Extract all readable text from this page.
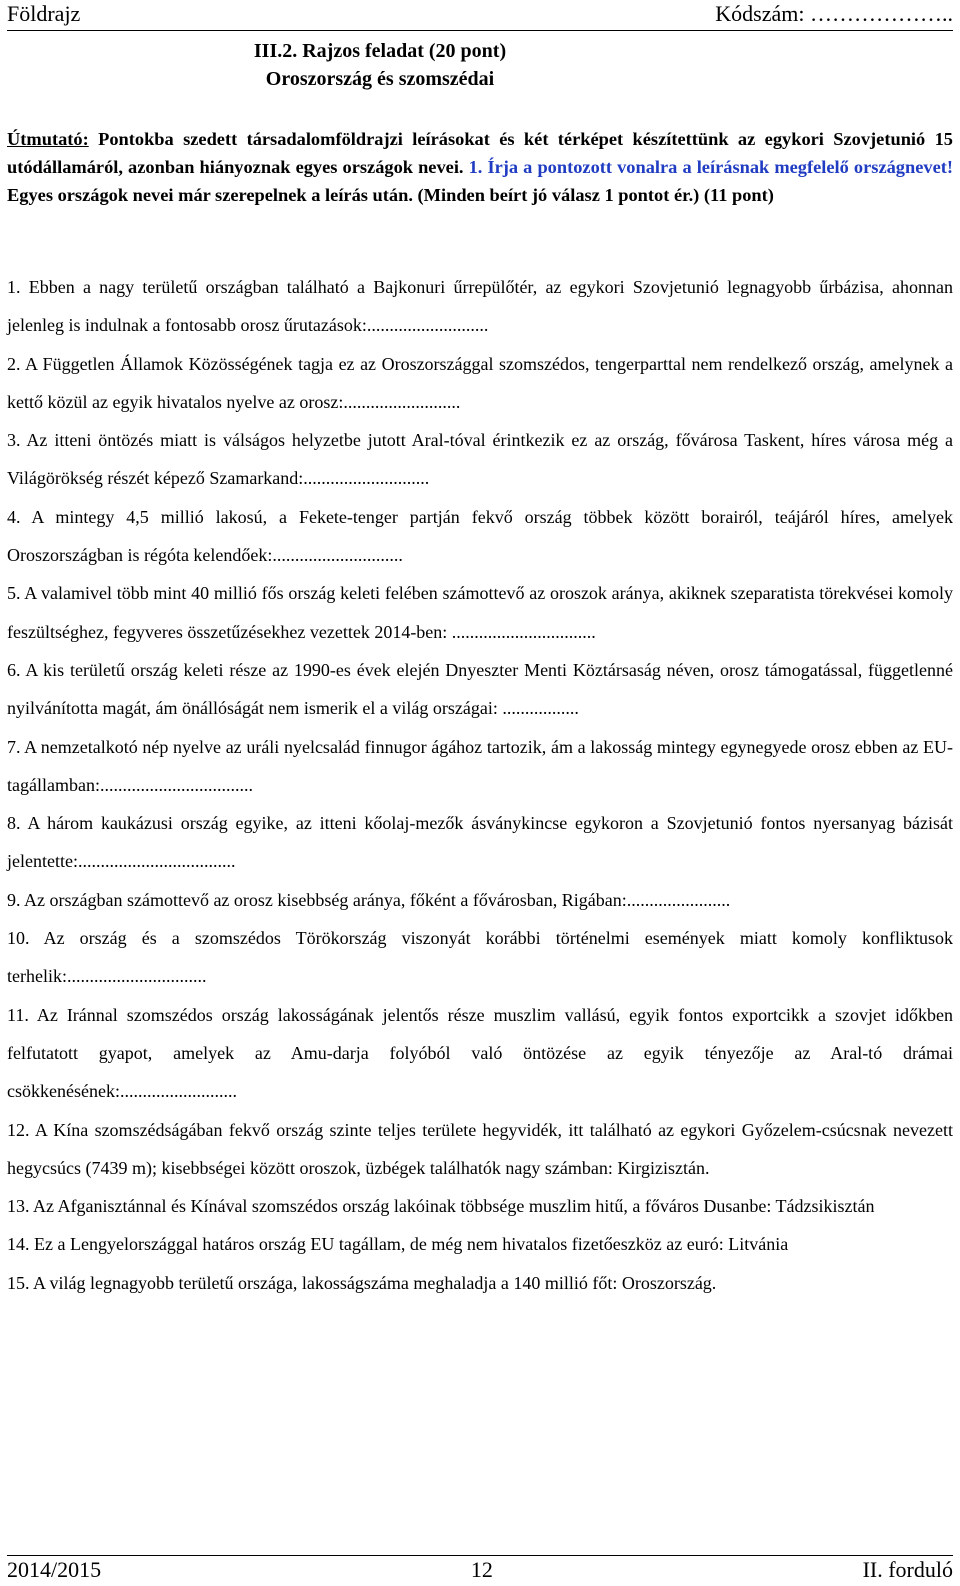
Földrajz	Kódszám: ………………..
III.2. Rajzos feladat (20 pont)
Oroszország és szomszédai
Útmutató: Pontokba szedett társadalomföldrajzi leírásokat és két térképet készítettünk az egykori Szovjetunió 15 utódállamáról, azonban hiányoznak egyes országok nevei. 1. Írja a pontozott vonalra a leírásnak megfelelő országnevet! Egyes országok nevei már szerepelnek a leírás után. (Minden beírt jó válasz 1 pontot ér.) (11 pont)

1. Ebben a nagy területű országban található a Bajkonuri űrrepülőtér, az egykori Szovjetunió legnagyobb űrbázisa, ahonnan jelenleg is indulnak a fontosabb orosz űrutazások:...........................

2. A Független Államok Közösségének tagja ez az Oroszországgal szomszédos, tengerparttal nem rendelkező ország, amelynek a kettő közül az egyik hivatalos nyelve az orosz:..........................

3. Az itteni öntözés miatt is válságos helyzetbe jutott Aral-tóval érintkezik ez az ország, fővárosa Taskent, híres városa még a Világörökség részét képező Szamarkand:............................

4. A mintegy 4,5 millió lakosú, a Fekete-tenger partján fekvő ország többek között borairól, teájáról híres, amelyek Oroszországban is régóta kelendőek:.............................

5. A valamivel több mint 40 millió fős ország keleti felében számottevő az oroszok aránya, akiknek szeparatista törekvései komoly feszültséghez, fegyveres összetűzésekhez vezettek 2014-ben: ................................

6. A kis területű ország keleti része az 1990-es évek elején Dnyeszter Menti Köztársaság néven, orosz támogatással, függetlenné nyilvánította magát, ám önállóságát nem ismerik el a világ országai: .................

7. A nemzetalkotó nép nyelve az uráli nyelcsalád finnugor ágához tartozik, ám a lakosság mintegy egynegyede orosz ebben az EU-tagállamban:..................................

8. A három kaukázusi ország egyike, az itteni kőolaj-mezők ásványkincse egykoron a Szovjetunió fontos nyersanyag bázisát jelentette:...................................

9. Az országban számottevő az orosz kisebbség aránya, főként a fővárosban, Rigában:.......................

10. Az ország és a szomszédos Törökország viszonyát korábbi történelmi események miatt komoly konfliktusok terhelik:...............................

11. Az Iránnal szomszédos ország lakosságának jelentős része muszlim vallású, egyik fontos exportcikk a szovjet időkben felfutatott gyapot, amelyek az Amu-darja folyóból való öntözése az egyik tényezője az Aral-tó drámai csökkenésének:..........................

12. A Kína szomszédságában fekvő ország szinte teljes területe hegyvidék, itt található az egykori Győzelem-csúcsnak nevezett hegycsúcs (7439 m); kisebbségei között oroszok, üzbégek találhatók nagy számban: Kirgizisztán.

13. Az Afganisztánnal és Kínával szomszédos ország lakóinak többsége muszlim hitű, a főváros Dusanbe: Tádzsikisztán

14. Ez a Lengyelországgal határos ország EU tagállam, de még nem hivatalos fizetőeszköz az euró: Litvánia

15. A világ legnagyobb területű országa, lakosságszáma meghaladja a 140 millió főt: Oroszország.

2014/2015	12	II. forduló
